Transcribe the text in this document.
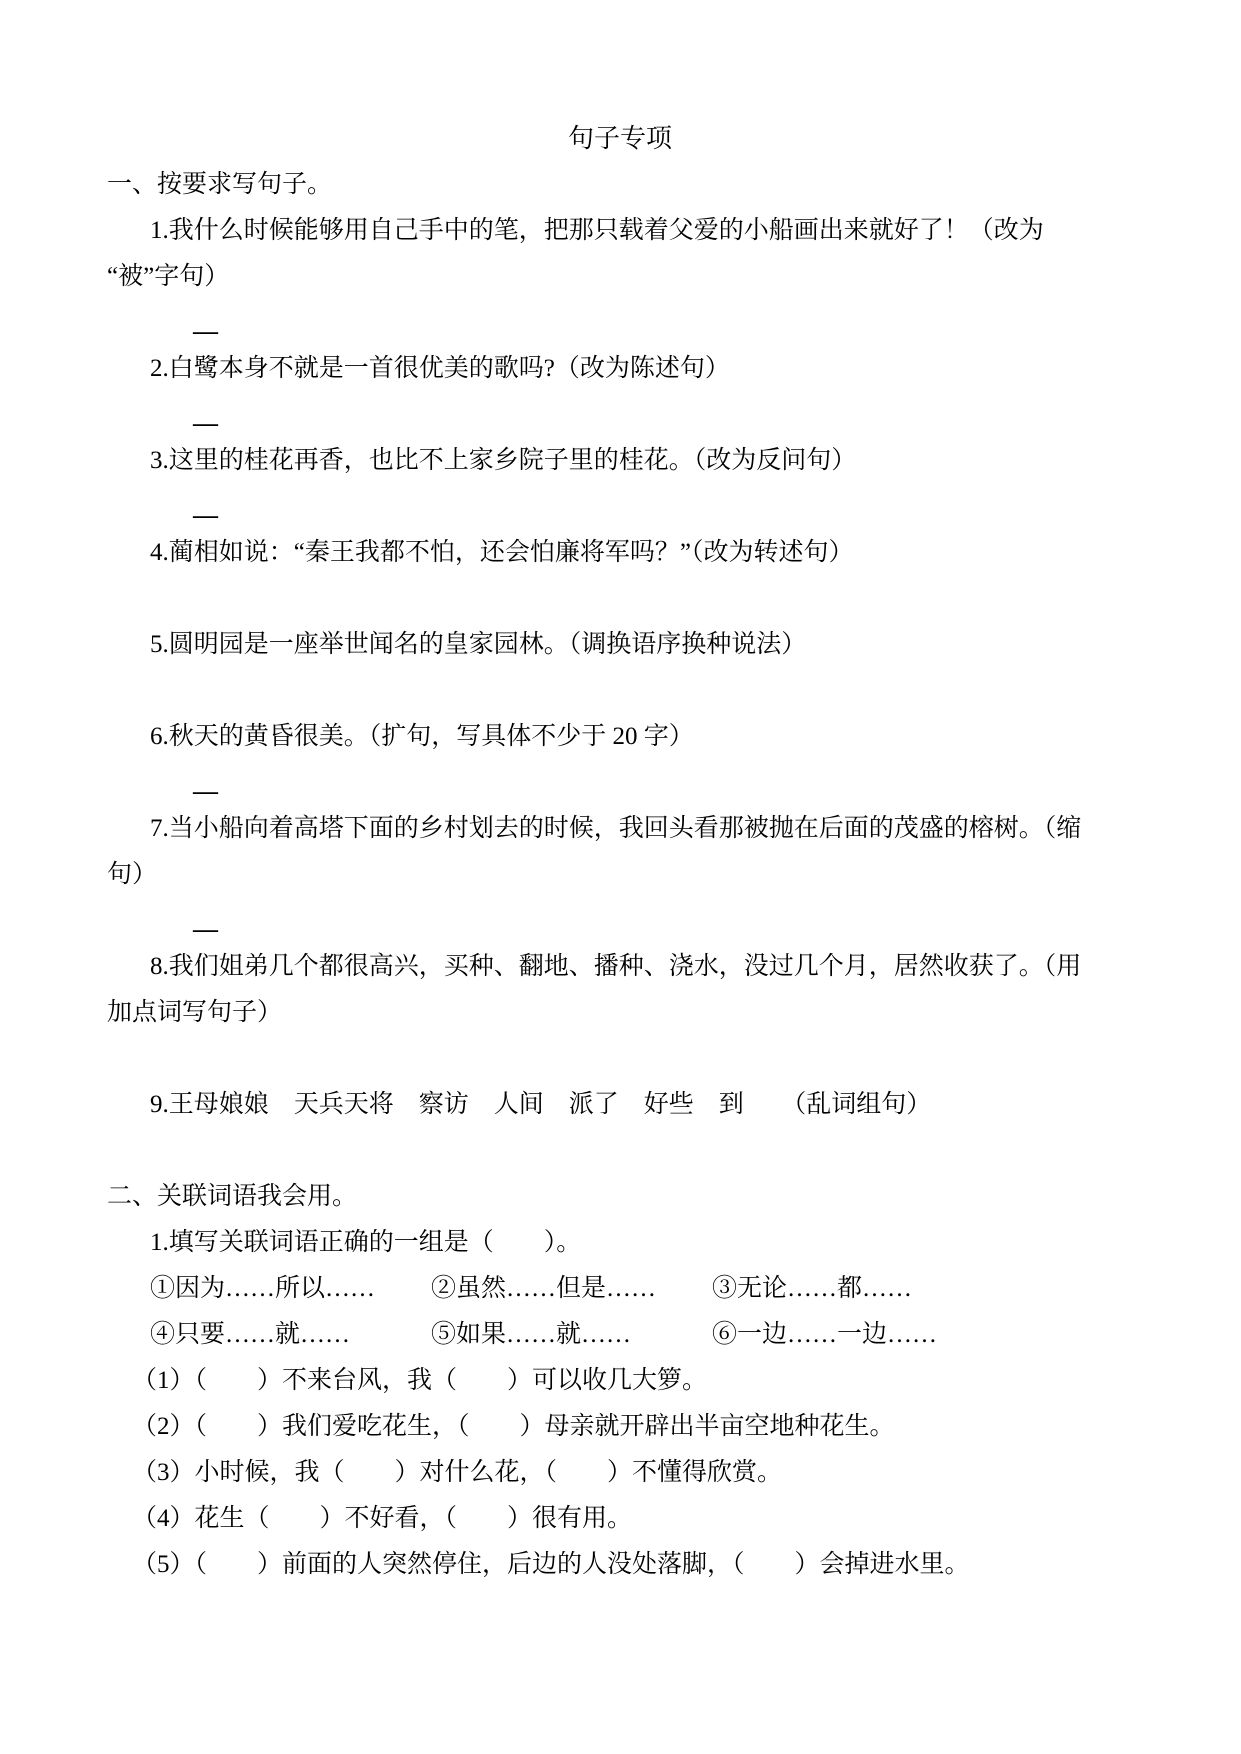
句子专项

一、按要求写句子。

1.我什么时候能够用自己手中的笔，把那只载着父爱的小船画出来就好了！（改为
“被”字句）

—

2.白鹭本身不就是一首很优美的歌吗?（改为陈述句）

—

3.这里的桂花再香，也比不上家乡院子里的桂花。（改为反问句）

—

4.蔺相如说：“秦王我都不怕，还会怕廉将军吗？”（改为转述句）

5.圆明园是一座举世闻名的皇家园林。（调换语序换种说法）

6.秋天的黄昏很美。（扩句，写具体不少于 20 字）

—

7.当小船向着高塔下面的乡村划去的时候，我回头看那被抛在后面的茂盛的榕树。（缩
句）

—

8.我们姐弟几个都很高兴，买种、翻地、播种、浇水，没过几个月，居然收获了。（用
加点词写句子）

9.王母娘娘　天兵天将　察访　人间　派了　好些　到　　（乱词组句）

二、关联词语我会用。

1.填写关联词语正确的一组是（　　）。

①因为……所以…… ②虽然……但是…… ③无论……都……

④只要……就……	⑤如果……就……	⑥一边……一边……

（1）（　　）不来台风，我（　　）可以收几大箩。

（2）（　　）我们爱吃花生，（　　）母亲就开辟出半亩空地种花生。

（3）小时候，我（　　）对什么花，（　　）不懂得欣赏。

（4）花生（　　）不好看，（　　）很有用。

（5）（　　）前面的人突然停住，后边的人没处落脚，（　　）会掉进水里。
